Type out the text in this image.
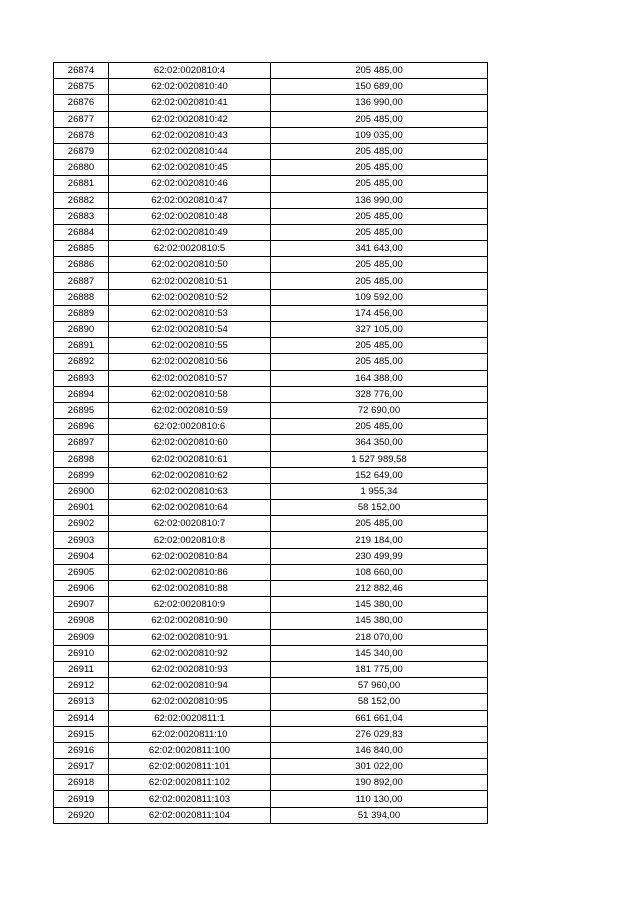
26874	62:02:0020810:4	205 485,00
26875	62:02:0020810:40	150 689,00
26876	62:02:0020810:41	136 990,00
26877	62:02:0020810:42	205 485,00
26878	62:02:0020810:43	109 035,00
26879	62:02:0020810:44	205 485,00
26880	62:02:0020810:45	205 485,00
26881	62:02:0020810:46	205 485,00
26882	62:02:0020810:47	136 990,00
26883	62:02:0020810:48	205 485,00
26884	62:02:0020810:49	205 485,00
26885	62:02:0020810:5	341 643,00
26886	62:02:0020810:50	205 485,00
26887	62:02:0020810:51	205 485,00
26888	62:02:0020810:52	109 592,00
26889	62:02:0020810:53	174 456,00
26890	62:02:0020810:54	327 105,00
26891	62:02:0020810:55	205 485,00
26892	62:02:0020810:56	205 485,00
26893	62:02:0020810:57	164 388,00
26894	62:02:0020810:58	328 776,00
26895	62:02:0020810:59	72 690,00
26896	62:02:0020810:6	205 485,00
26897	62:02:0020810:60	364 350,00
26898	62:02:0020810:61	1 527 989,58
26899	62:02:0020810:62	152 649,00
26900	62:02:0020810:63	1 955,34
26901	62:02:0020810:64	58 152,00
26902	62:02:0020810:7	205 485,00
26903	62:02:0020810:8	219 184,00
26904	62:02:0020810:84	230 499,99
26905	62:02:0020810:86	108 660,00
26906	62:02:0020810:88	212 882,46
26907	62:02:0020810:9	145 380,00
26908	62:02:0020810:90	145 380,00
26909	62:02:0020810:91	218 070,00
26910	62:02:0020810:92	145 340,00
26911	62:02:0020810:93	181 775,00
26912	62:02:0020810:94	57 960,00
26913	62:02:0020810:95	58 152,00
26914	62:02:0020811:1	661 661,04
26915	62:02:0020811:10	276 029,83
26916	62:02:0020811:100	146 840,00
26917	62:02:0020811:101	301 022,00
26918	62:02:0020811:102	190 892,00
26919	62:02:0020811:103	110 130,00
26920	62:02:0020811:104	51 394,00
